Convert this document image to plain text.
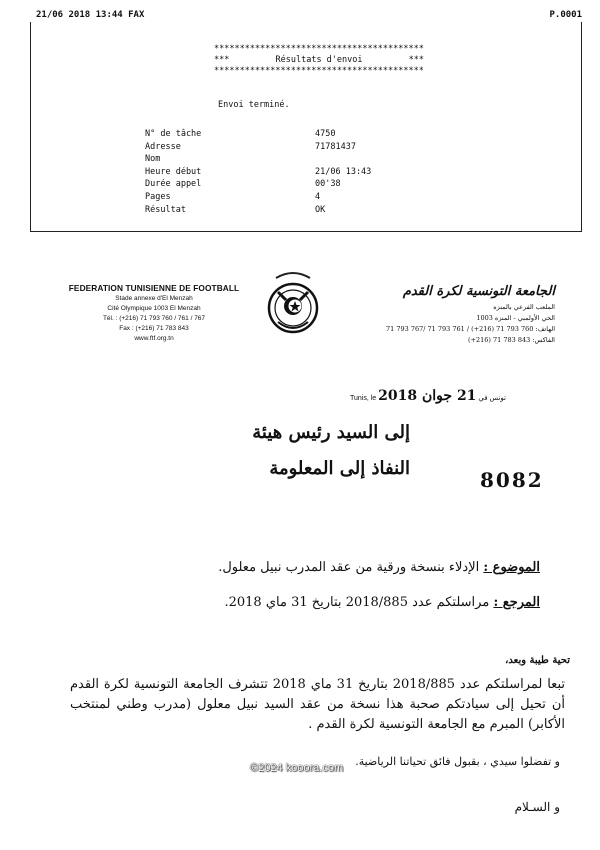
21/06 2018 13:44 FAX	P.0001
*****************************************
***	Résultats d'envoi	***
*****************************************
Envoi terminé.
N° de tâche	4750
Adresse	71781437
Nom
Heure début	21/06 13:43
Durée appel	00'38
Pages	4
Résultat	OK
FEDERATION TUNISIENNE DE FOOTBALL
Stade annexe d'El Menzah
Cité Olympique 1003 El Menzah
Tél. : (+216) 71 793 760 / 761 / 767
Fax : (+216) 71 783 843
www.ftf.org.tn
الجامعة التونسية لكرة القدم
الملعب الفرعي بالمنزه
الحي الأولمبي - المنزه 1003
الهاتف: 760 793 71 (216+) / 761 793 71 /767 793 71
الفاكس: 843 783 71 (216+)
تونس في 21 جوان 2018 Tunis, le
إلى السيد رئيس هيئة
النفاذ إلى المعلومة	8082
الموضوع : الإدلاء بنسخة ورقية من عقد المدرب نبيل معلول.
المرجع : مراسلتكم عدد 2018/885 بتاريخ 31 ماي 2018.
تحية طيبة وبعد،
تبعا لمراسلتكم عدد 2018/885 بتاريخ 31 ماي 2018 تتشرف الجامعة التونسية لكرة القدم أن تحيل إلى سيادتكم صحبة هذا نسخة من عقد السيد نبيل معلول (مدرب وطني لمنتخب الأكابر) المبرم مع الجامعة التونسية لكرة القدم .
و تفضلوا سيدي ، بقبول فائق تحياتنا الرياضية.
و السـلام
©2024 kooora.com
